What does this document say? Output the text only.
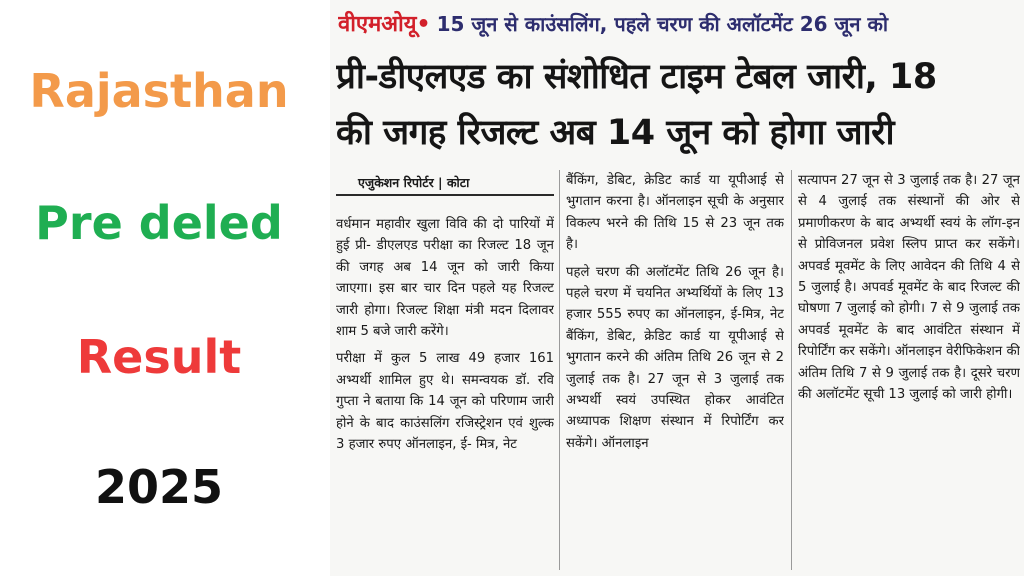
Rajasthan
Pre deled
Result
2025
वीएमओयू• 15 जून से काउंसलिंग, पहले चरण की अलॉटमेंट 26 जून को
प्री-डीएलएड का संशोधित टाइम टेबल जारी, 18
की जगह रिजल्ट अब 14 जून को होगा जारी
एजुकेशन रिपोर्टर | कोटा

वर्धमान महावीर खुला विवि की दो पारियों में हुई प्री- डीएलएड परीक्षा का रिजल्ट 18 जून की जगह अब 14 जून को जारी किया जाएगा। इस बार चार दिन पहले यह रिजल्ट जारी होगा। रिजल्ट शिक्षा मंत्री मदन दिलावर शाम 5 बजे जारी करेंगे।

परीक्षा में कुल 5 लाख 49 हजार 161 अभ्यर्थी शामिल हुए थे। समन्वयक डॉ. रवि गुप्ता ने बताया कि 14 जून को परिणाम जारी होने के बाद काउंसलिंग रजिस्ट्रेशन एवं शुल्क 3 हजार रुपए ऑनलाइन, ई- मित्र, नेट

बैंकिंग, डेबिट, क्रेडिट कार्ड या यूपीआई से भुगतान करना है। ऑनलाइन सूची के अनुसार विकल्प भरने की तिथि 15 से 23 जून तक है।

पहले चरण की अलॉटमेंट तिथि 26 जून है। पहले चरण में चयनित अभ्यर्थियों के लिए 13 हजार 555 रुपए का ऑनलाइन, ई-मित्र, नेट बैंकिंग, डेबिट, क्रेडिट कार्ड या यूपीआई से भुगतान करने की अंतिम तिथि 26 जून से 2 जुलाई तक है। 27 जून से 3 जुलाई तक अभ्यर्थी स्वयं उपस्थित होकर आवंटित अध्यापक शिक्षण संस्थान में रिपोर्टिंग कर सकेंगे। ऑनलाइन

सत्यापन 27 जून से 3 जुलाई तक है। 27 जून से 4 जुलाई तक संस्थानों की ओर से प्रमाणीकरण के बाद अभ्यर्थी स्वयं के लॉग-इन से प्रोविजनल प्रवेश स्लिप प्राप्त कर सकेंगे। अपवर्ड मूवमेंट के लिए आवेदन की तिथि 4 से 5 जुलाई है। अपवर्ड मूवमेंट के बाद रिजल्ट की घोषणा 7 जुलाई को होगी। 7 से 9 जुलाई तक अपवर्ड मूवमेंट के बाद आवंटित संस्थान में रिपोर्टिंग कर सकेंगे। ऑनलाइन वेरीफिकेशन की अंतिम तिथि 7 से 9 जुलाई तक है। दूसरे चरण की अलॉटमेंट सूची 13 जुलाई को जारी होगी।
